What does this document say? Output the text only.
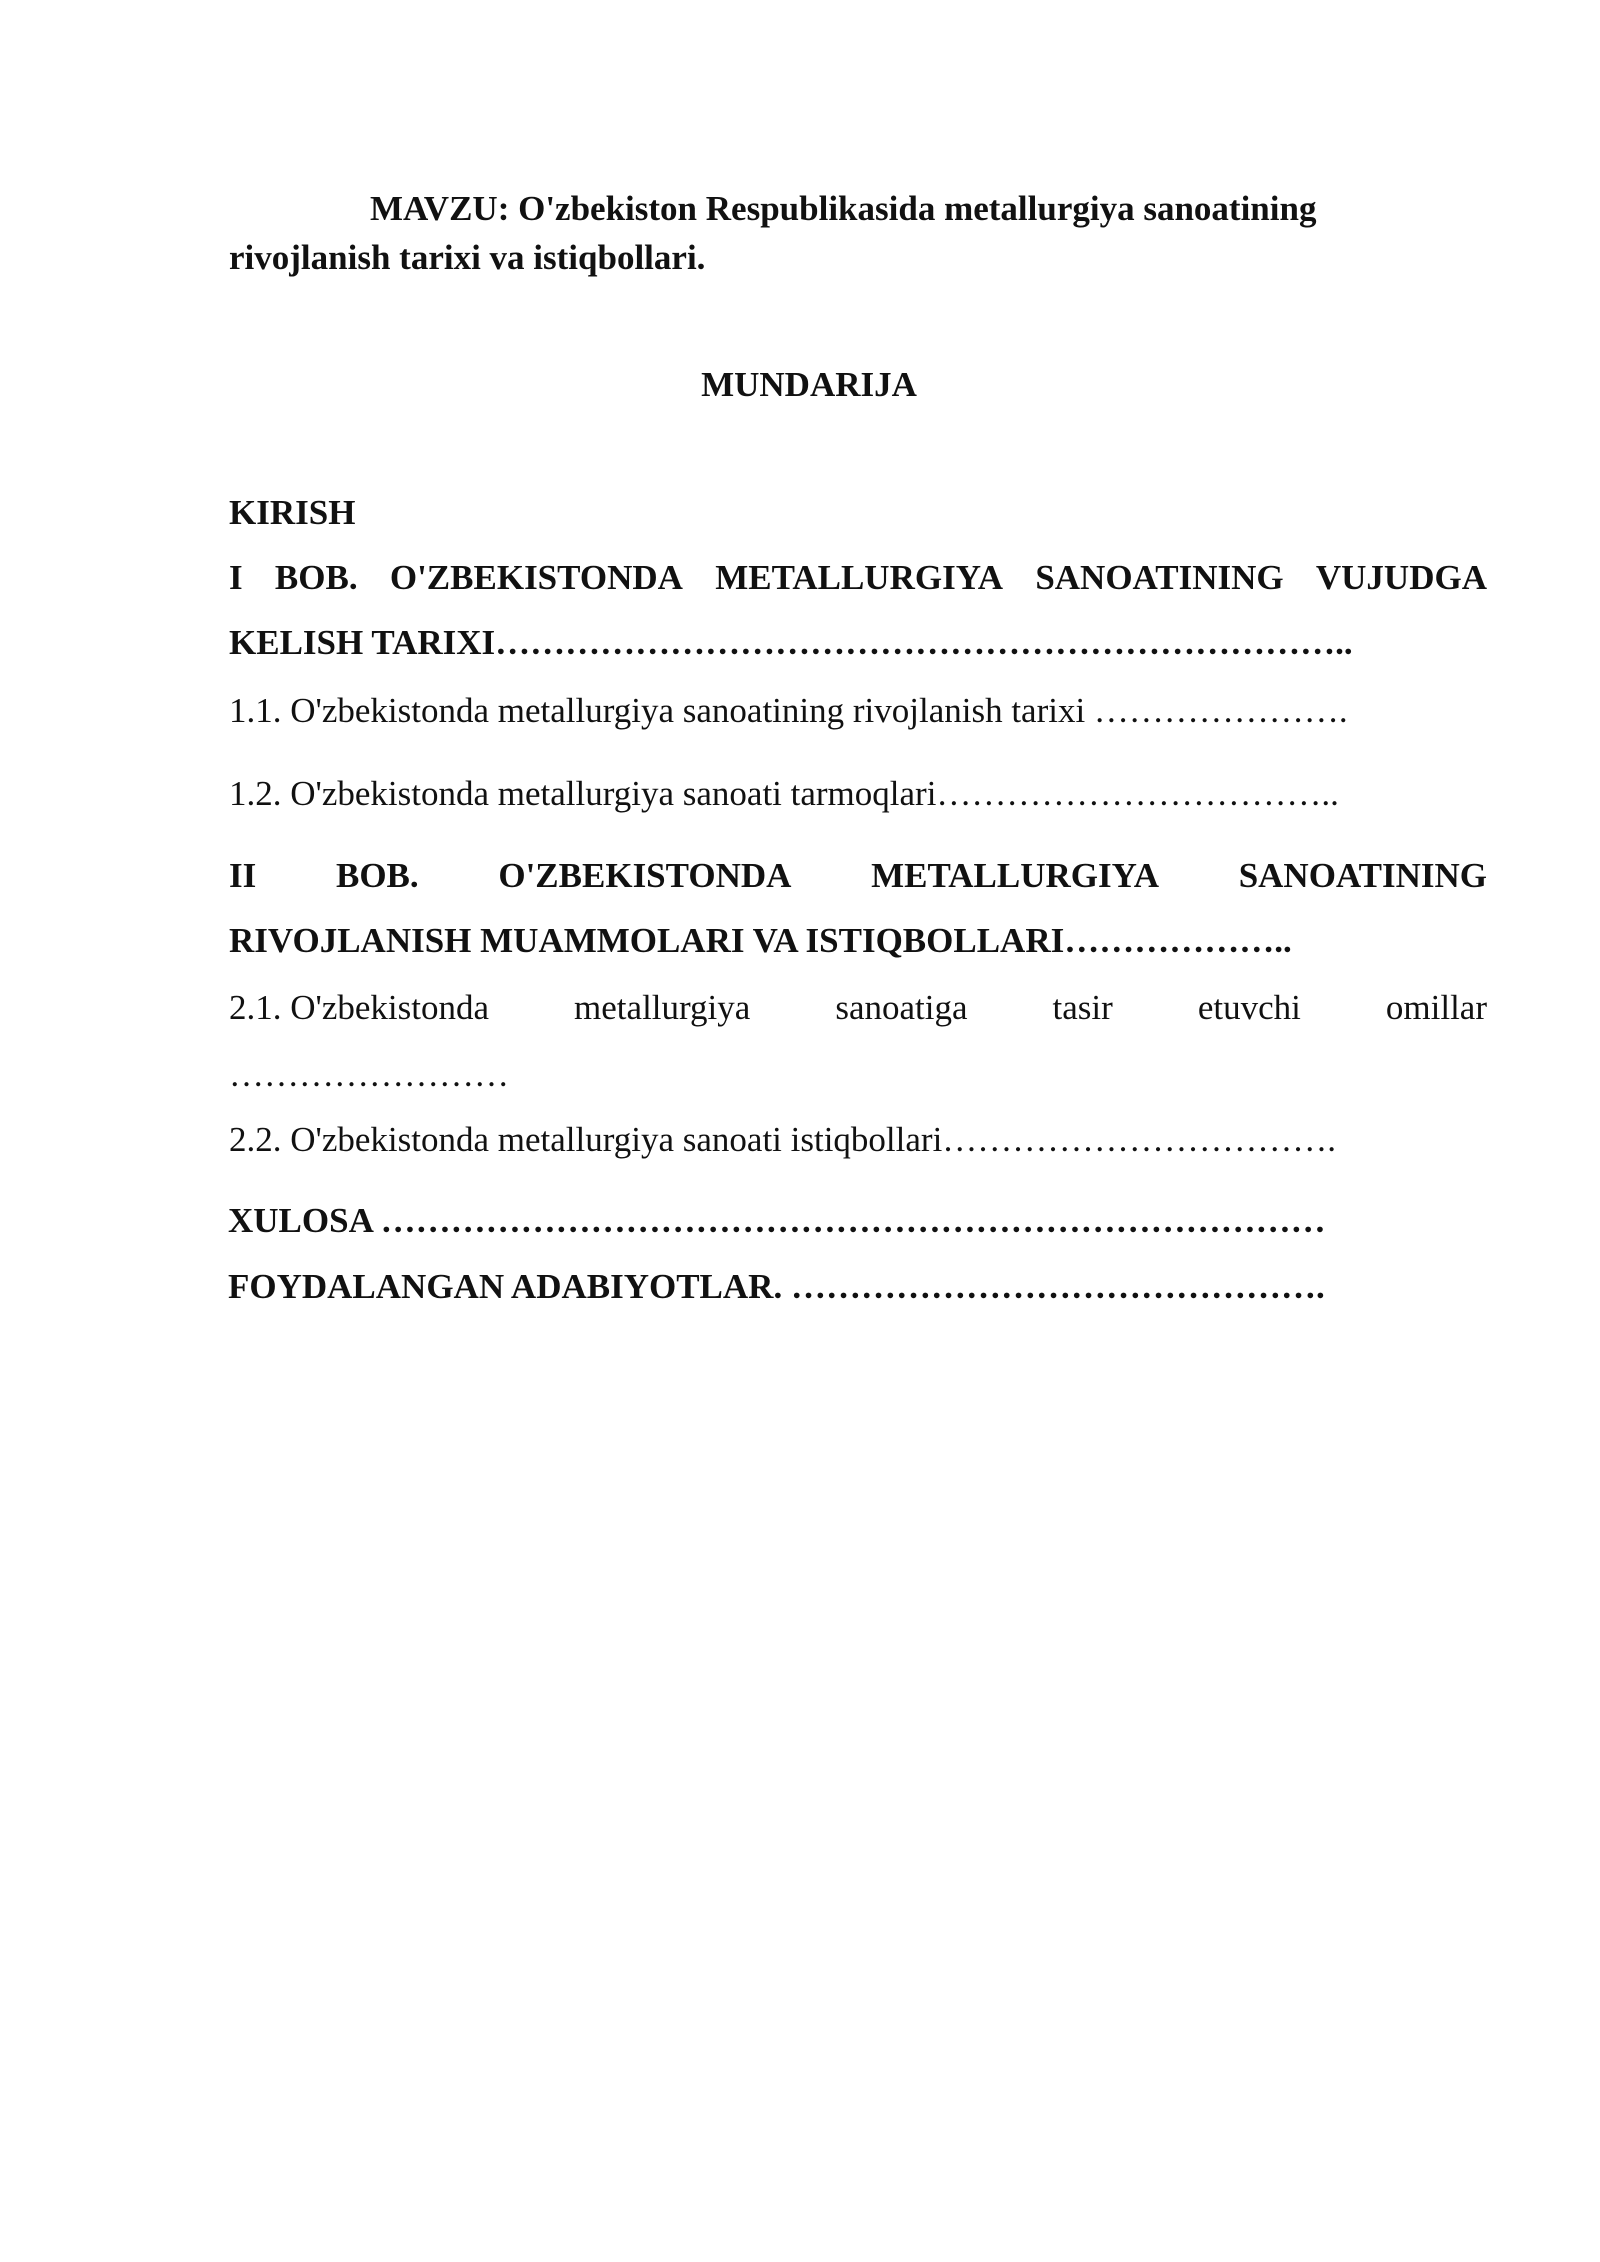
MAVZU: O'zbekiston Respublikasida metallurgiya sanoatining
rivojlanish tarixi va istiqbollari.
MUNDARIJA
KIRISH
I BOB. O'ZBEKISTONDA METALLURGIYA SANOATINING VUJUDGA
KELISH TARIXI………………………………………………………………..
1.1. O'zbekistonda metallurgiya sanoatining rivojlanish tarixi ………………….
1.2. O'zbekistonda metallurgiya sanoati tarmoqlari……………………………..
II BOB. O'ZBEKISTONDA METALLURGIYA SANOATINING
RIVOJLANISH MUAMMOLARI VA ISTIQBOLLARI………………..
2.1. O'zbekistonda metallurgiya sanoatiga tasir etuvchi omillar
……………………
2.2. O'zbekistonda metallurgiya sanoati istiqbollari…………………………….
XULOSA ………………………………………………………………………
FOYDALANGAN ADABIYOTLAR. ……………………………………….
